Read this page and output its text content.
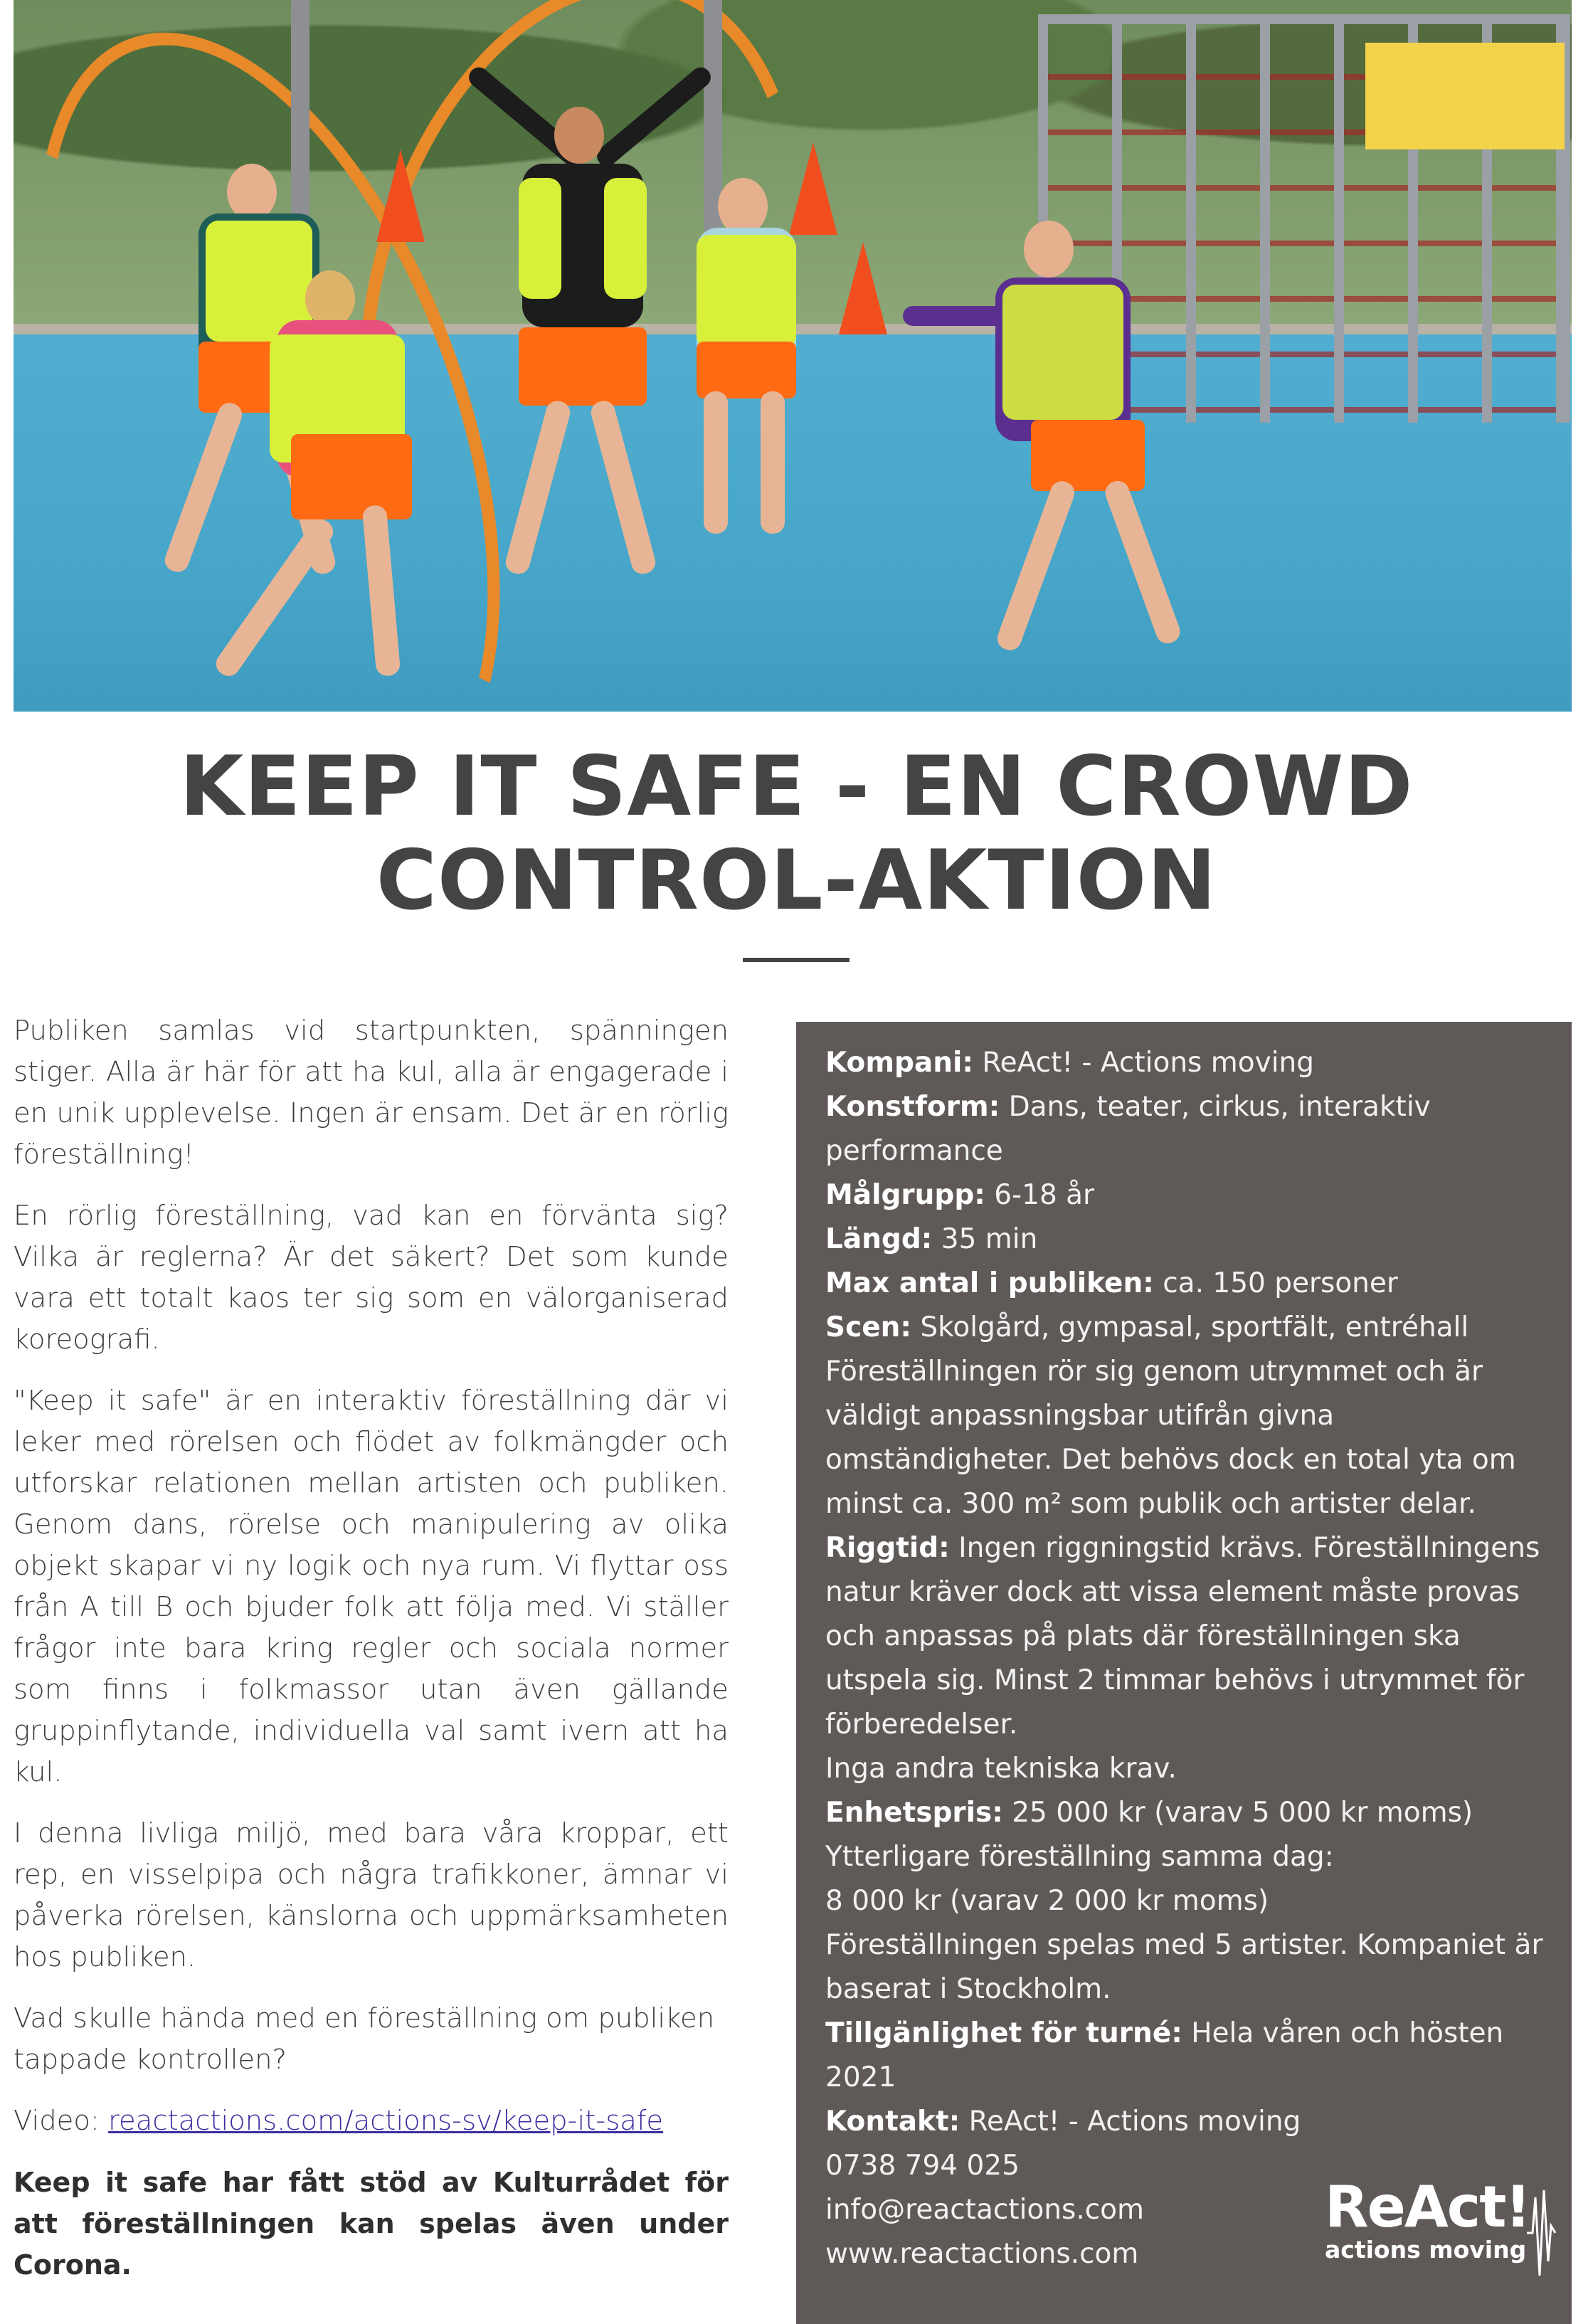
KEEP IT SAFE - EN CROWD
CONTROL-AKTION

Publiken samlas vid startpunkten, spänningen stiger. Alla är här för att ha kul, alla är engagerade i en unik upplevelse. Ingen är ensam. Det är en rörlig föreställning!

En rörlig föreställning, vad kan en förvänta sig? Vilka är reglerna? Är det säkert? Det som kunde vara ett totalt kaos ter sig som en välorganiserad koreografi.

"Keep it safe" är en interaktiv föreställning där vi leker med rörelsen och flödet av folkmängder och utforskar relationen mellan artisten och publiken. Genom dans, rörelse och manipulering av olika objekt skapar vi ny logik och nya rum. Vi flyttar oss från A till B och bjuder folk att följa med. Vi ställer frågor inte bara kring regler och sociala normer som finns i folkmassor utan även gällande gruppinflytande, individuella val samt ivern att ha kul.

I denna livliga miljö, med bara våra kroppar, ett rep, en visselpipa och några trafikkoner, ämnar vi påverka rörelsen, känslorna och uppmärksamheten hos publiken.

Vad skulle hända med en föreställning om publiken tappade kontrollen?

Video: reactactions.com/actions-sv/keep-it-safe

Keep it safe har fått stöd av Kulturrådet för att föreställningen kan spelas även under Corona.

Kompani: ReAct! - Actions moving
Konstform: Dans, teater, cirkus, interaktiv performance
Målgrupp: 6-18 år
Längd: 35 min
Max antal i publiken: ca. 150 personer
Scen: Skolgård, gympasal, sportfält, entréhall
Föreställningen rör sig genom utrymmet och är väldigt anpassningsbar utifrån givna omständigheter. Det behövs dock en total yta om minst ca. 300 m² som publik och artister delar.
Riggtid: Ingen riggningstid krävs. Föreställningens natur kräver dock att vissa element måste provas och anpassas på plats där föreställningen ska utspela sig. Minst 2 timmar behövs i utrymmet för förberedelser.
Inga andra tekniska krav.
Enhetspris: 25 000 kr (varav 5 000 kr moms)
Ytterligare föreställning samma dag:
8 000 kr (varav 2 000 kr moms)
Föreställningen spelas med 5 artister. Kompaniet är baserat i Stockholm.
Tillgänlighet för turné: Hela våren och hösten 2021
Kontakt: ReAct! - Actions moving
0738 794 025
info@reactactions.com
www.reactactions.com
ReAct!
actions moving
